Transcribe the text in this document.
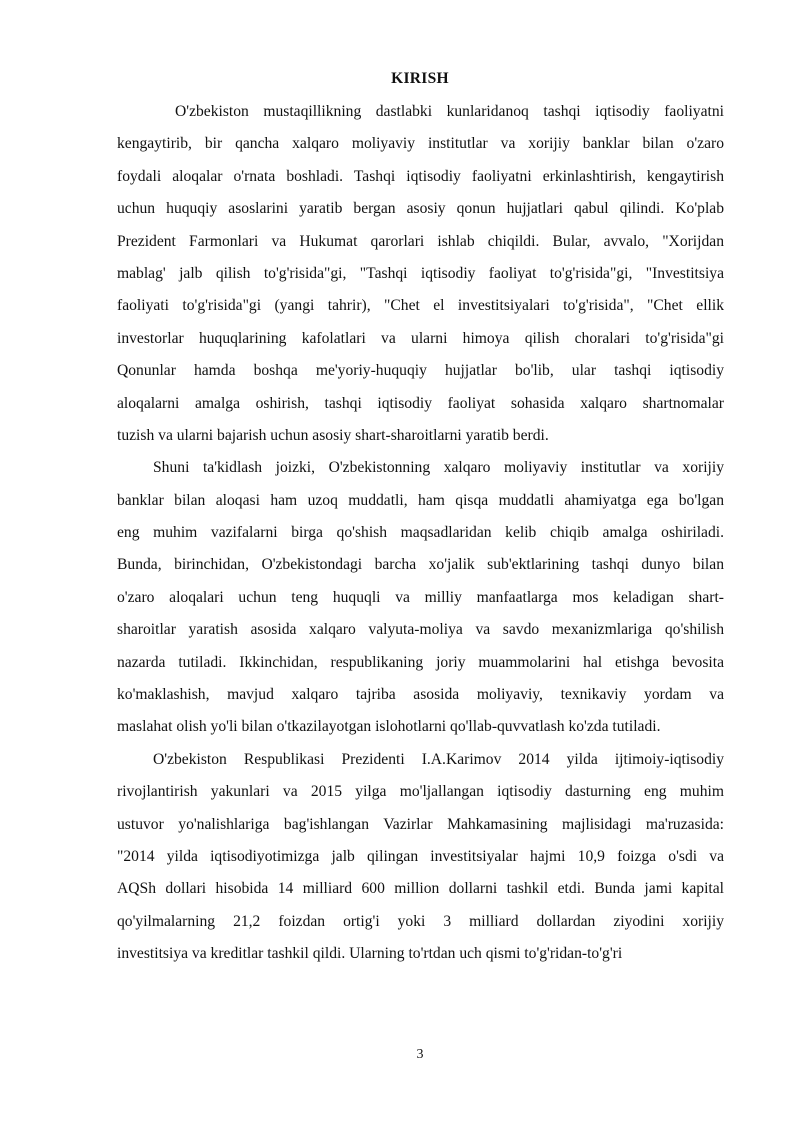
KIRISH
O'zbekiston mustaqillikning dastlabki kunlaridanoq tashqi iqtisodiy faoliyatni
kengaytirib, bir qancha xalqaro moliyaviy institutlar va xorijiy banklar bilan o'zaro
foydali aloqalar o'rnata boshladi. Tashqi iqtisodiy faoliyatni erkinlashtirish, kengaytirish
uchun huquqiy asoslarini yaratib bergan asosiy qonun hujjatlari qabul qilindi. Ko'plab
Prezident Farmonlari va Hukumat qarorlari ishlab chiqildi. Bular, avvalo, "Xorijdan
mablag' jalb qilish to'g'risida"gi, "Tashqi iqtisodiy faoliyat to'g'risida"gi, "Investitsiya
faoliyati to'g'risida"gi (yangi tahrir), "Chet el investitsiyalari to'g'risida", "Chet ellik
investorlar huquqlarining kafolatlari va ularni himoya qilish choralari to'g'risida"gi
Qonunlar hamda boshqa me'yoriy-huquqiy hujjatlar bo'lib, ular tashqi iqtisodiy
aloqalarni amalga oshirish, tashqi iqtisodiy faoliyat sohasida xalqaro shartnomalar
tuzish va ularni bajarish uchun asosiy shart-sharoitlarni yaratib berdi.
Shuni ta'kidlash joizki, O'zbekistonning xalqaro moliyaviy institutlar va xorijiy
banklar bilan aloqasi ham uzoq muddatli, ham qisqa muddatli ahamiyatga ega bo'lgan
eng muhim vazifalarni birga qo'shish maqsadlaridan kelib chiqib amalga oshiriladi.
Bunda, birinchidan, O'zbekistondagi barcha xo'jalik sub'ektlarining tashqi dunyo bilan
o'zaro aloqalari uchun teng huquqli va milliy manfaatlarga mos keladigan shart-
sharoitlar yaratish asosida xalqaro valyuta-moliya va savdo mexanizmlariga qo'shilish
nazarda tutiladi. Ikkinchidan, respublikaning joriy muammolarini hal etishga bevosita
ko'maklashish, mavjud xalqaro tajriba asosida moliyaviy, texnikaviy yordam va
maslahat olish yo'li bilan o'tkazilayotgan islohotlarni qo'llab-quvvatlash ko'zda tutiladi.
O'zbekiston Respublikasi Prezidenti I.A.Karimov 2014 yilda ijtimoiy-iqtisodiy
rivojlantirish yakunlari va 2015 yilga mo'ljallangan iqtisodiy dasturning eng muhim
ustuvor yo'nalishlariga bag'ishlangan Vazirlar Mahkamasining majlisidagi ma'ruzasida:
"2014 yilda iqtisodiyotimizga jalb qilingan investitsiyalar hajmi 10,9 foizga o'sdi va
AQSh dollari hisobida 14 milliard 600 million dollarni tashkil etdi. Bunda jami kapital
qo'yilmalarning 21,2 foizdan ortig'i yoki 3 milliard dollardan ziyodini xorijiy
investitsiya va kreditlar tashkil qildi. Ularning to'rtdan uch qismi to'g'ridan-to'g'ri
3
